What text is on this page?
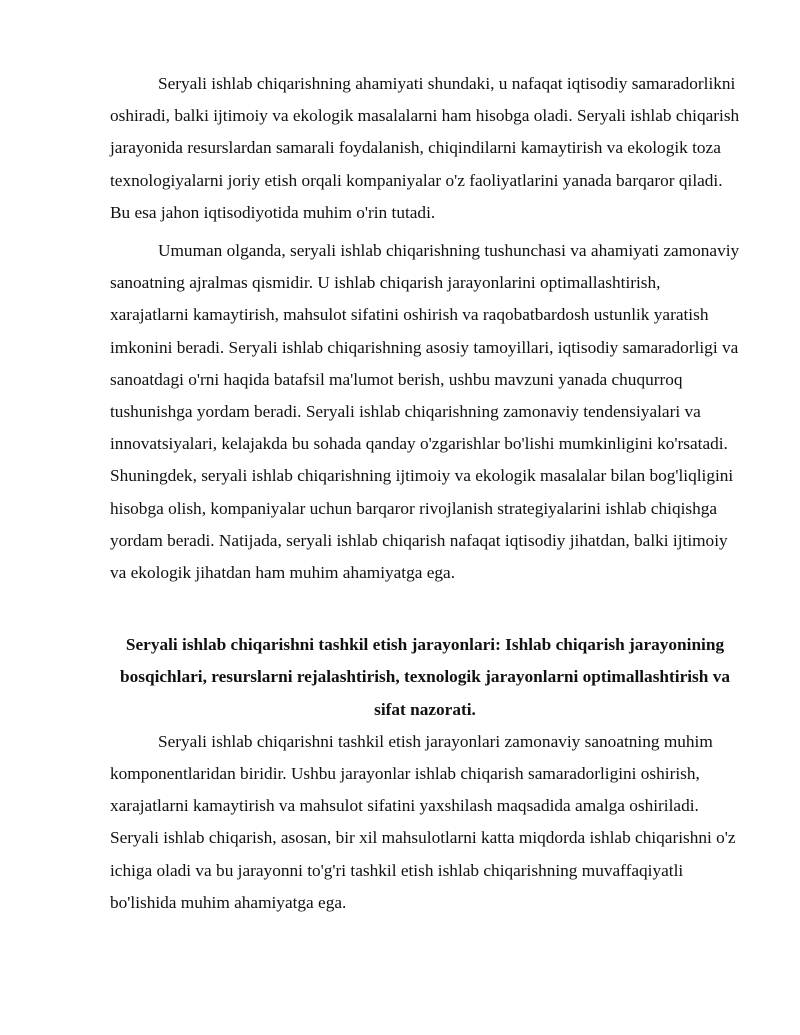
Seryali ishlab chiqarishning ahamiyati shundaki, u nafaqat iqtisodiy samaradorlikni oshiradi, balki ijtimoiy va ekologik masalalarni ham hisobga oladi. Seryali ishlab chiqarish jarayonida resurslardan samarali foydalanish, chiqindilarni kamaytirish va ekologik toza texnologiyalarni joriy etish orqali kompaniyalar o'z faoliyatlarini yanada barqaror qiladi. Bu esa jahon iqtisodiyotida muhim o'rin tutadi.

Umuman olganda, seryali ishlab chiqarishning tushunchasi va ahamiyati zamonaviy sanoatning ajralmas qismidir. U ishlab chiqarish jarayonlarini optimallashtirish, xarajatlarni kamaytirish, mahsulot sifatini oshirish va raqobatbardosh ustunlik yaratish imkonini beradi. Seryali ishlab chiqarishning asosiy tamoyillari, iqtisodiy samaradorligi va sanoatdagi o'rni haqida batafsil ma'lumot berish, ushbu mavzuni yanada chuqurroq tushunishga yordam beradi. Seryali ishlab chiqarishning zamonaviy tendensiyalari va innovatsiyalari, kelajakda bu sohada qanday o'zgarishlar bo'lishi mumkinligini ko'rsatadi. Shuningdek, seryali ishlab chiqarishning ijtimoiy va ekologik masalalar bilan bog'liqligini hisobga olish, kompaniyalar uchun barqaror rivojlanish strategiyalarini ishlab chiqishga yordam beradi. Natijada, seryali ishlab chiqarish nafaqat iqtisodiy jihatdan, balki ijtimoiy va ekologik jihatdan ham muhim ahamiyatga ega.

Seryali ishlab chiqarishni tashkil etish jarayonlari: Ishlab chiqarish jarayonining bosqichlari, resurslarni rejalashtirish, texnologik jarayonlarni optimallashtirish va sifat nazorati.

Seryali ishlab chiqarishni tashkil etish jarayonlari zamonaviy sanoatning muhim komponentlaridan biridir. Ushbu jarayonlar ishlab chiqarish samaradorligini oshirish, xarajatlarni kamaytirish va mahsulot sifatini yaxshilash maqsadida amalga oshiriladi. Seryali ishlab chiqarish, asosan, bir xil mahsulotlarni katta miqdorda ishlab chiqarishni o'z ichiga oladi va bu jarayonni to'g'ri tashkil etish ishlab chiqarishning muvaffaqiyatli bo'lishida muhim ahamiyatga ega.
